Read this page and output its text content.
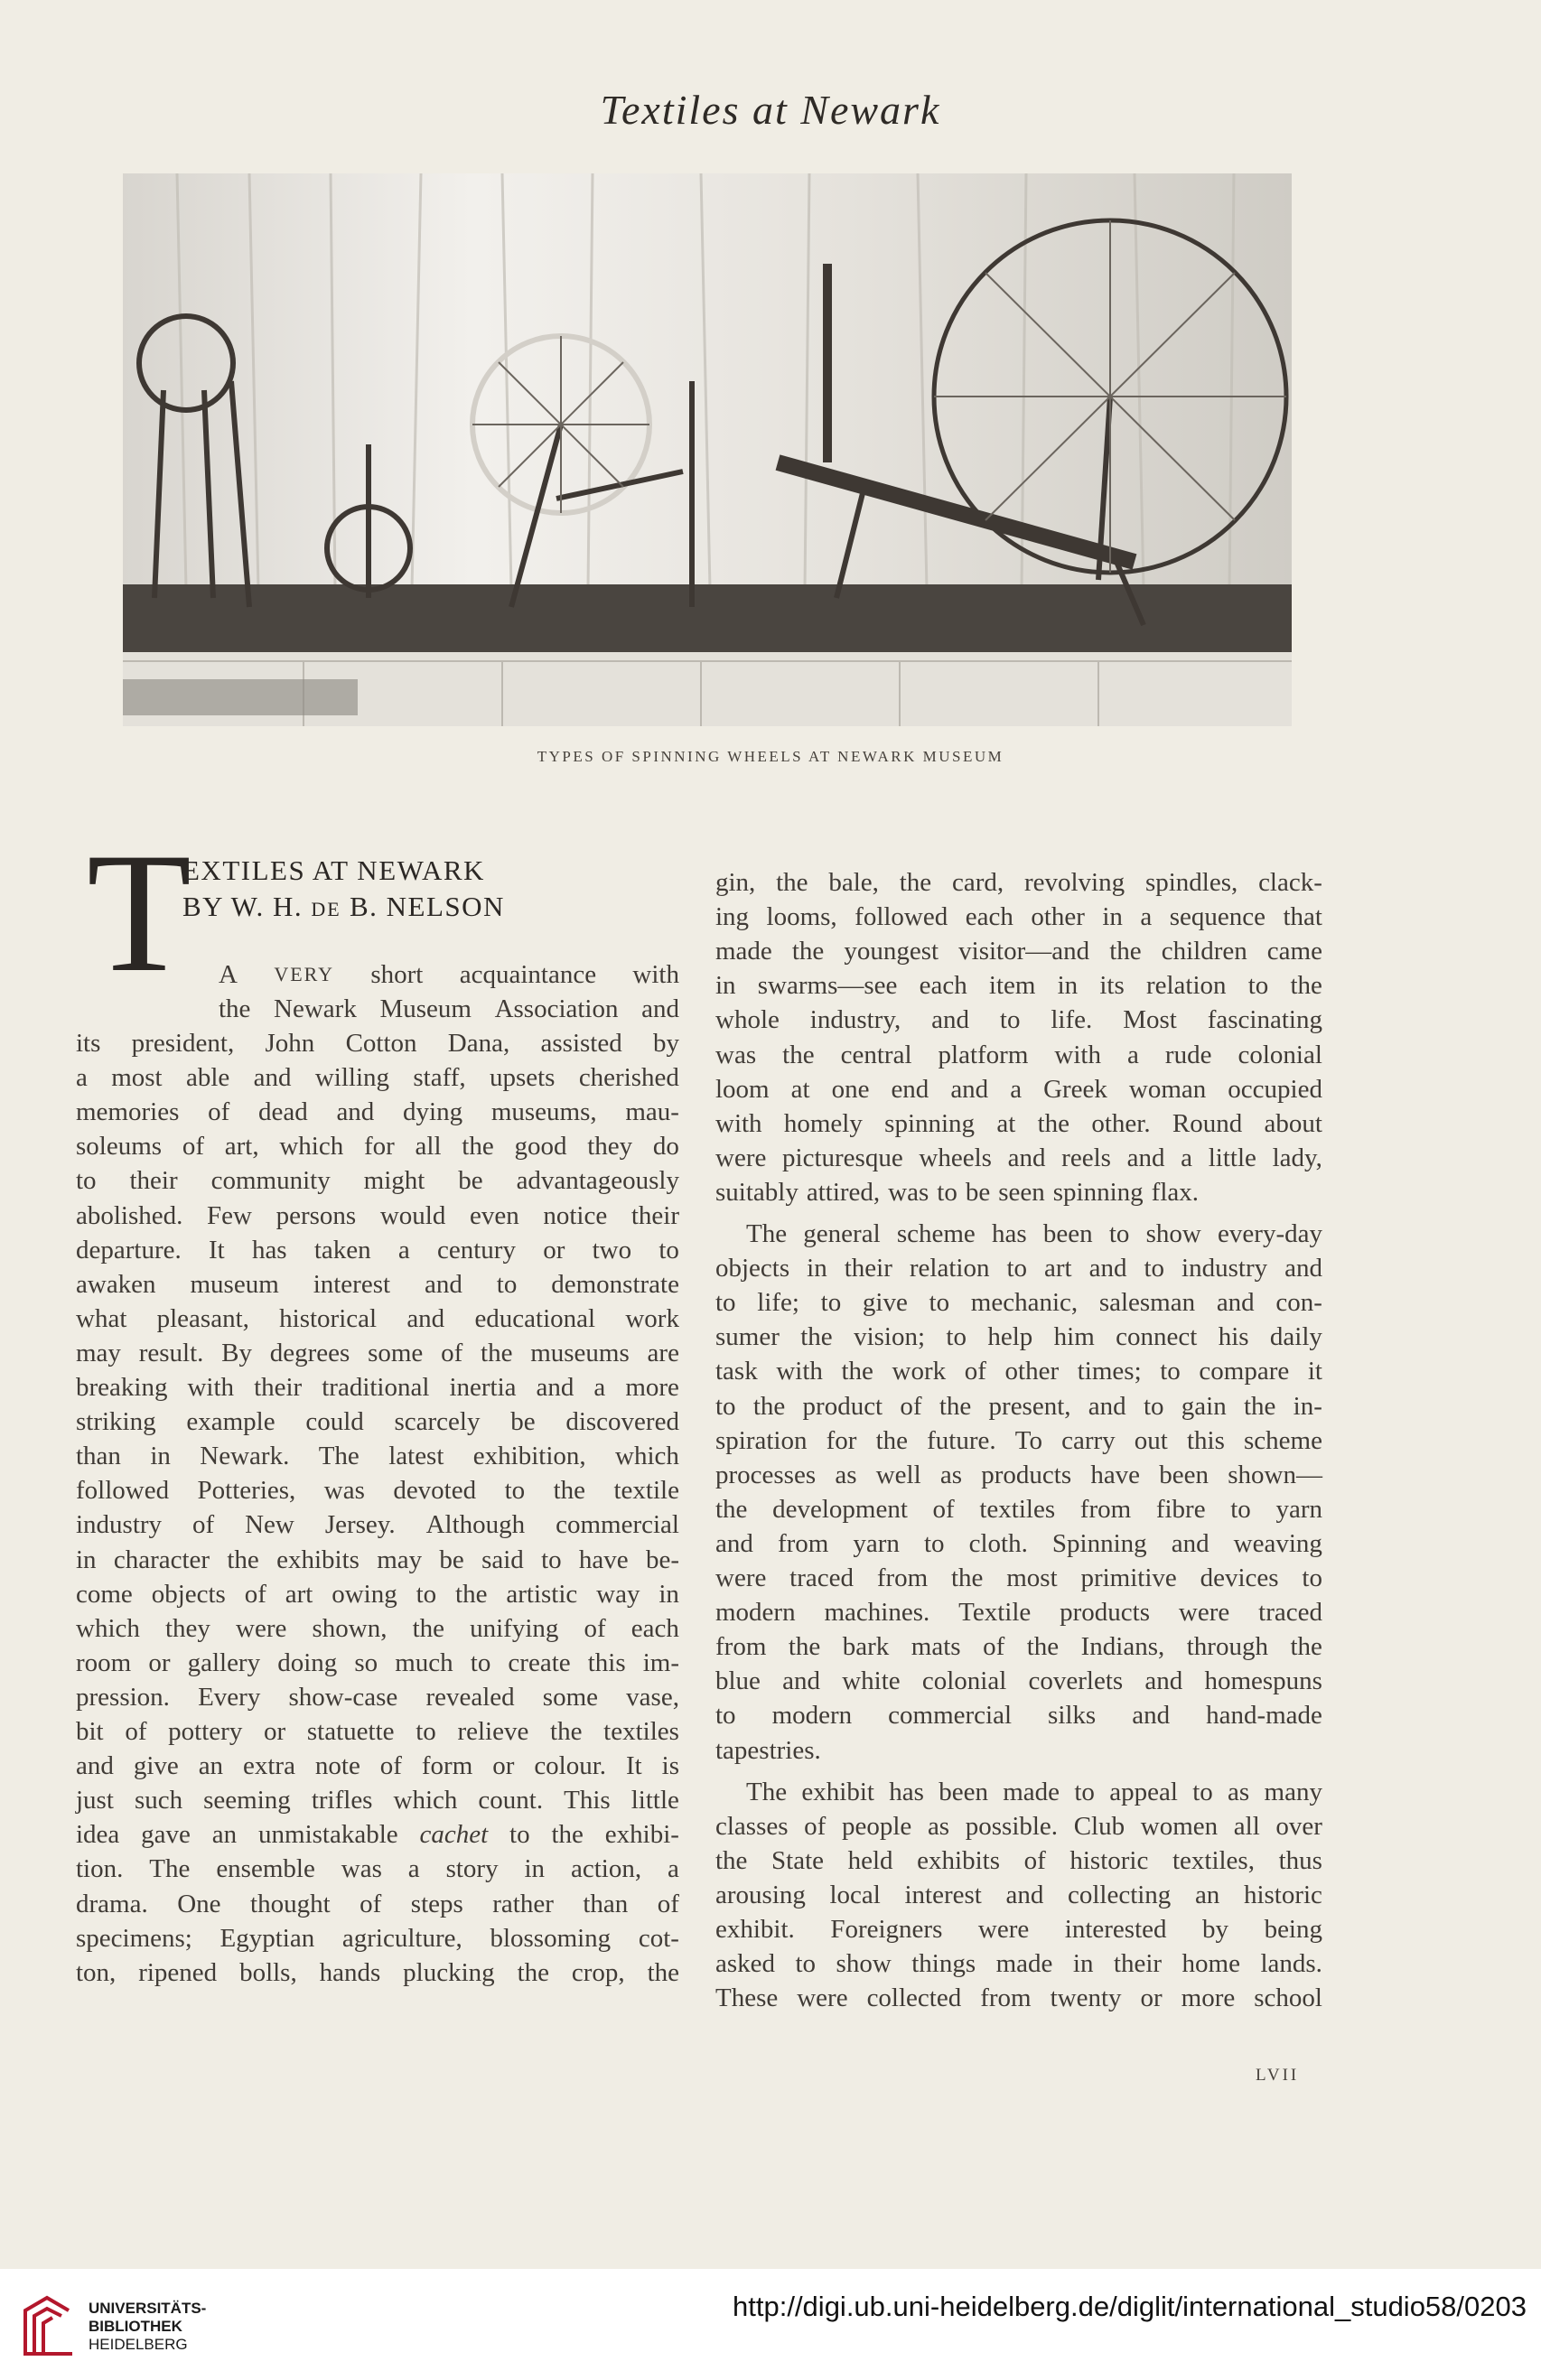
Textiles at Newark
TYPES OF SPINNING WHEELS AT NEWARK MUSEUM
T
EXTILES AT NEWARK
BY W. H. DE B. NELSON
A VERY short acquaintance with
the Newark Museum Association and
its president, John Cotton Dana, assisted by
a most able and willing staff, upsets cherished
memories of dead and dying museums, mau-
soleums of art, which for all the good they do
to their community might be advantageously
abolished. Few persons would even notice their
departure. It has taken a century or two to
awaken museum interest and to demonstrate
what pleasant, historical and educational work
may result. By degrees some of the museums are
breaking with their traditional inertia and a more
striking example could scarcely be discovered
than in Newark. The latest exhibition, which
followed Potteries, was devoted to the textile
industry of New Jersey. Although commercial
in character the exhibits may be said to have be-
come objects of art owing to the artistic way in
which they were shown, the unifying of each
room or gallery doing so much to create this im-
pression. Every show-case revealed some vase,
bit of pottery or statuette to relieve the textiles
and give an extra note of form or colour. It is
just such seeming trifles which count. This little
idea gave an unmistakable cachet to the exhibi-
tion. The ensemble was a story in action, a
drama. One thought of steps rather than of
specimens; Egyptian agriculture, blossoming cot-
ton, ripened bolls, hands plucking the crop, the
gin, the bale, the card, revolving spindles, clack-
ing looms, followed each other in a sequence that
made the youngest visitor—and the children came
in swarms—see each item in its relation to the
whole industry, and to life. Most fascinating
was the central platform with a rude colonial
loom at one end and a Greek woman occupied
with homely spinning at the other. Round about
were picturesque wheels and reels and a little lady,
suitably attired, was to be seen spinning flax.
The general scheme has been to show every-day
objects in their relation to art and to industry and
to life; to give to mechanic, salesman and con-
sumer the vision; to help him connect his daily
task with the work of other times; to compare it
to the product of the present, and to gain the in-
spiration for the future. To carry out this scheme
processes as well as products have been shown—
the development of textiles from fibre to yarn
and from yarn to cloth. Spinning and weaving
were traced from the most primitive devices to
modern machines. Textile products were traced
from the bark mats of the Indians, through the
blue and white colonial coverlets and homespuns
to modern commercial silks and hand-made
tapestries.
The exhibit has been made to appeal to as many
classes of people as possible. Club women all over
the State held exhibits of historic textiles, thus
arousing local interest and collecting an historic
exhibit. Foreigners were interested by being
asked to show things made in their home lands.
These were collected from twenty or more school
LVII
UNIVERSITÄTS-
BIBLIOTHEK
HEIDELBERG
http://digi.ub.uni-heidelberg.de/diglit/international_studio58/0203
